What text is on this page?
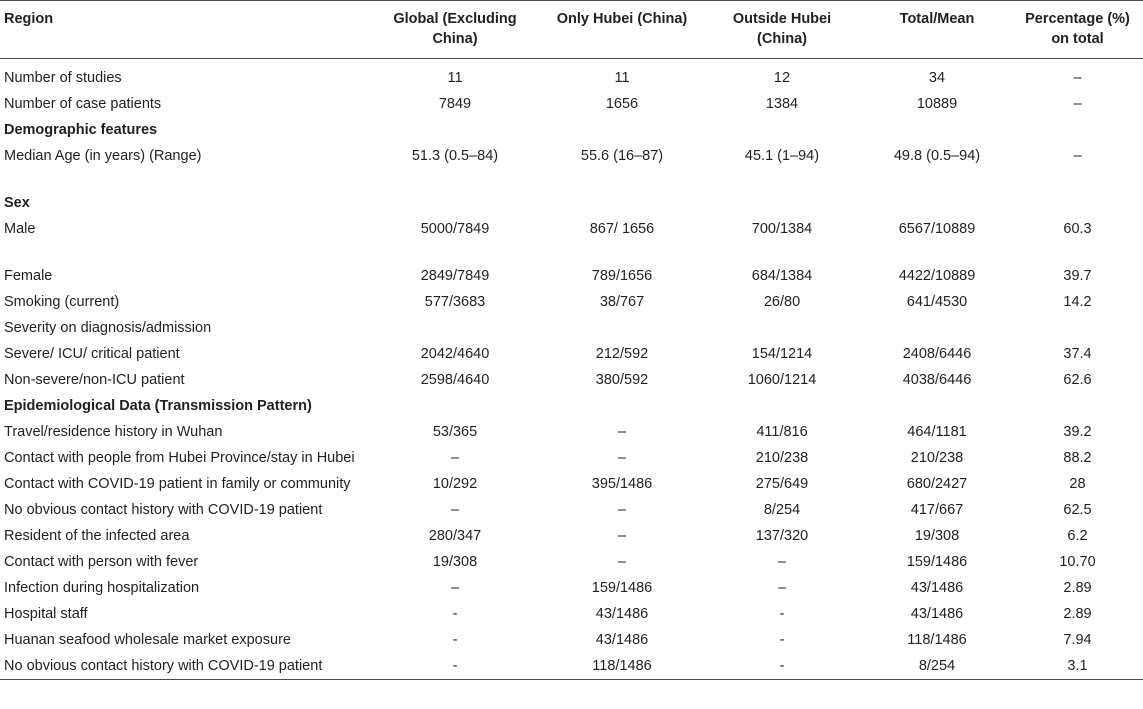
Region	Global (Excluding China)	Only Hubei (China)	Outside Hubei (China)	Total/Mean	Percentage (%) on total

Number of studies	11	11	12	34	–
Number of case patients	7849	1656	1384	10889	–
Demographic features					
Median Age (in years) (Range)	51.3 (0.5–84)	55.6 (16–87)	45.1 (1–94)	49.8 (0.5–94)	–
Sex					
Male	5000/7849	867/ 1656	700/1384	6567/10889	60.3
Female	2849/7849	789/1656	684/1384	4422/10889	39.7
Smoking (current)	577/3683	38/767	26/80	641/4530	14.2
Severity on diagnosis/admission					
Severe/ ICU/ critical patient	2042/4640	212/592	154/1214	2408/6446	37.4
Non-severe/non-ICU patient	2598/4640	380/592	1060/1214	4038/6446	62.6
Epidemiological Data (Transmission Pattern)					
Travel/residence history in Wuhan	53/365	–	411/816	464/1181	39.2
Contact with people from Hubei Province/stay in Hubei	–	–	210/238	210/238	88.2
Contact with COVID-19 patient in family or community	10/292	395/1486	275/649	680/2427	28
No obvious contact history with COVID-19 patient	–	–	8/254	417/667	62.5
Resident of the infected area	280/347	–	137/320	19/308	6.2
Contact with person with fever	19/308	–	–	159/1486	10.70
Infection during hospitalization	–	159/1486	–	43/1486	2.89
Hospital staff	-	43/1486	-	43/1486	2.89
Huanan seafood wholesale market exposure	-	43/1486	-	118/1486	7.94
No obvious contact history with COVID-19 patient	-	118/1486	-	8/254	3.1
